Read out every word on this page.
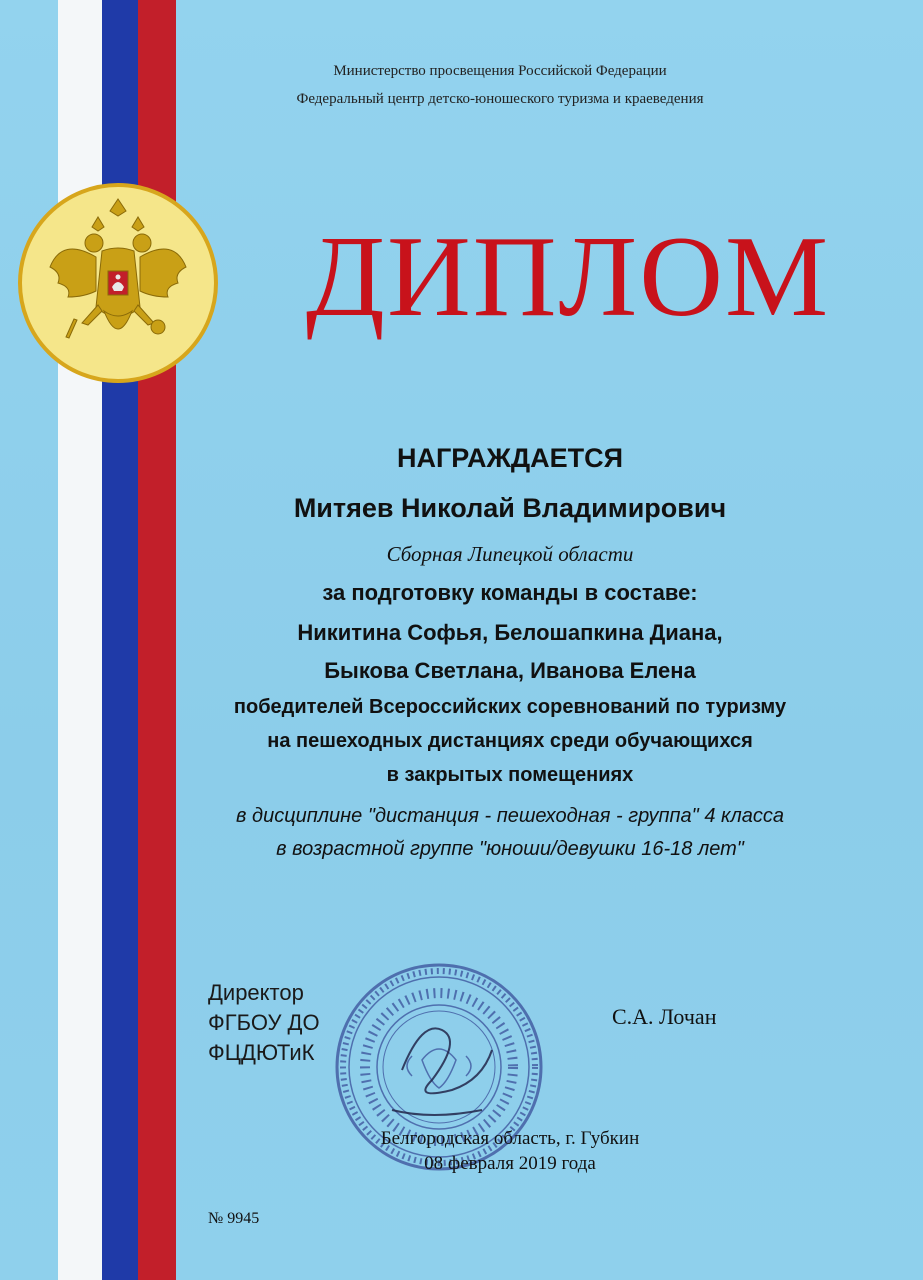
Министерство просвещения Российской Федерации
Федеральный центр детско-юношеского туризма и краеведения
ДИПЛОМ
НАГРАЖДАЕТСЯ
Митяев Николай Владимирович
Сборная Липецкой области
за подготовку команды в составе:
Никитина Софья, Белошапкина Диана,
Быкова Светлана, Иванова Елена
победителей Всероссийских соревнований по туризму
на пешеходных дистанциях среди обучающихся
в закрытых помещениях
в дисциплине "дистанция - пешеходная - группа" 4 класса
в возрастной группе "юноши/девушки 16-18 лет"
Директор
ФГБОУ ДО
ФЦДЮТиК
С.А. Лочан
Белгородская область, г. Губкин
08 февраля 2019 года
№ 9945
